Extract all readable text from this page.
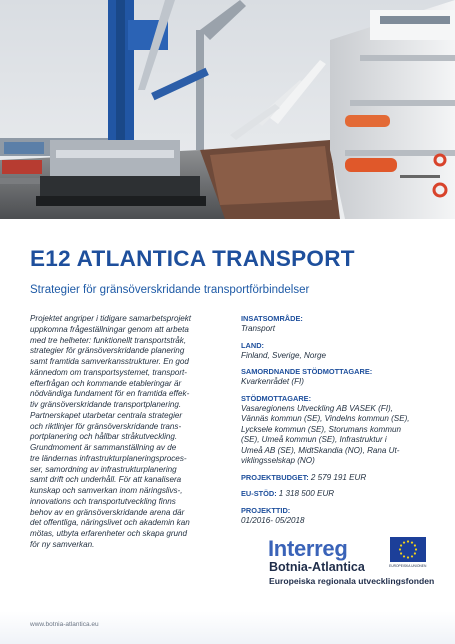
E12 ATLANTICA TRANSPORT
Strategier för gränsöverskridande transportförbindelser
Projektet angriper i tidigare samarbetsprojekt
uppkomna frågeställningar genom att arbeta
med tre helheter: funktionellt transportstråk,
strategier för gränsöverskridande planering
samt framtida samverkansstrukturer. En god
kännedom om transportsystemet, transport-
efterfrågan och kommande etableringar är
nödvändiga fundament för en framtida effek-
tiv gränsöverskridande transportplanering.
Partnerskapet utarbetar centrala strategier
och riktlinjer för gränsöverskridande trans-
portplanering och hållbar stråkutveckling.
Grundmoment är sammanställning av de
tre ländernas infrastrukturplaneringsproces-
ser, samordning av infrastrukturplanering
samt drift och underhåll. För att kanalisera
kunskap och samverkan inom näringslivs-,
innovations och transportutveckling finns
behov av en gränsöverskridande arena där
det offentliga, näringslivet och akademin kan
mötas, utbyta erfarenheter och skapa grund
för ny samverkan.
INSATSOMRÅDE:
Transport
LAND:
Finland, Sverige, Norge
SAMORDNANDE STÖDMOTTAGARE:
Kvarkenrådet (FI)
STÖDMOTTAGARE:
Vasaregionens Utveckling AB VASEK (FI),
Vännäs kommun (SE), Vindelns kommun (SE),
Lycksele kommun (SE), Storumans kommun
(SE), Umeå kommun (SE), Infrastruktur i
Umeå AB (SE), MidtSkandia (NO), Rana Ut-
viklingsselskap (NO)
PROJEKTBUDGET: 2 579 191 EUR
EU-STÖD: 1 318 500 EUR
PROJEKTTID:
01/2016- 05/2018
Interreg
Botnia-Atlantica
Europeiska regionala utvecklingsfonden
EUROPEISKA UNIONEN
www.botnia-atlantica.eu
